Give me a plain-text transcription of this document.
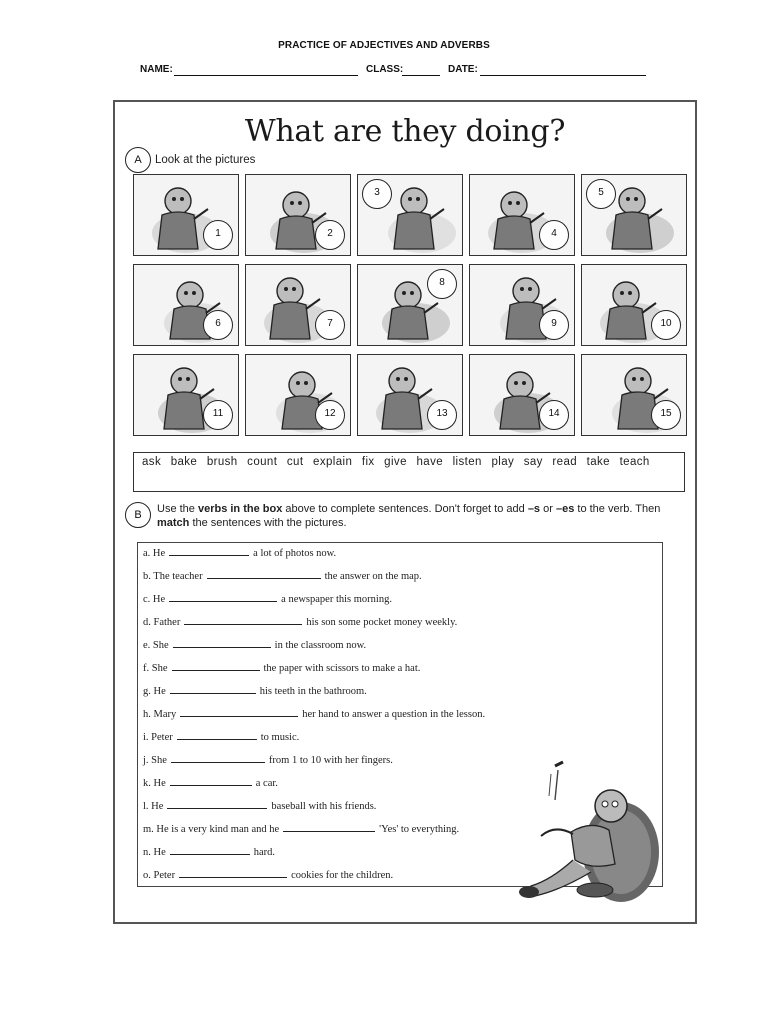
PRACTICE OF ADJECTIVES AND ADVERBS
NAME:	CLASS:	DATE:
What are they doing?
A	Look at the pictures
1	2
3
4
5
6	7
8
9	10
11	12	13	14	15
ask bake brush count cut explain fix give have listen play say read take teach
B	Use the verbs in the box above to complete sentences. Don't forget to add –s or –es to the verb. Then match the sentences with the pictures.
a. He	a lot of photos now.
b. The teacher	the answer on the map.
c. He	a newspaper this morning.
d. Father	his son some pocket money weekly.
e. She	in the classroom now.
f. She	the paper with scissors to make a hat.
g. He	his teeth in the bathroom.
h. Mary	her hand to answer a question in the lesson.
i. Peter	to music.
j. She	from 1 to 10 with her fingers.
k. He	a car.
l. He	baseball with his friends.
m. He is a very kind man and he	'Yes' to everything.
n. He	hard.
o. Peter	cookies for the children.
